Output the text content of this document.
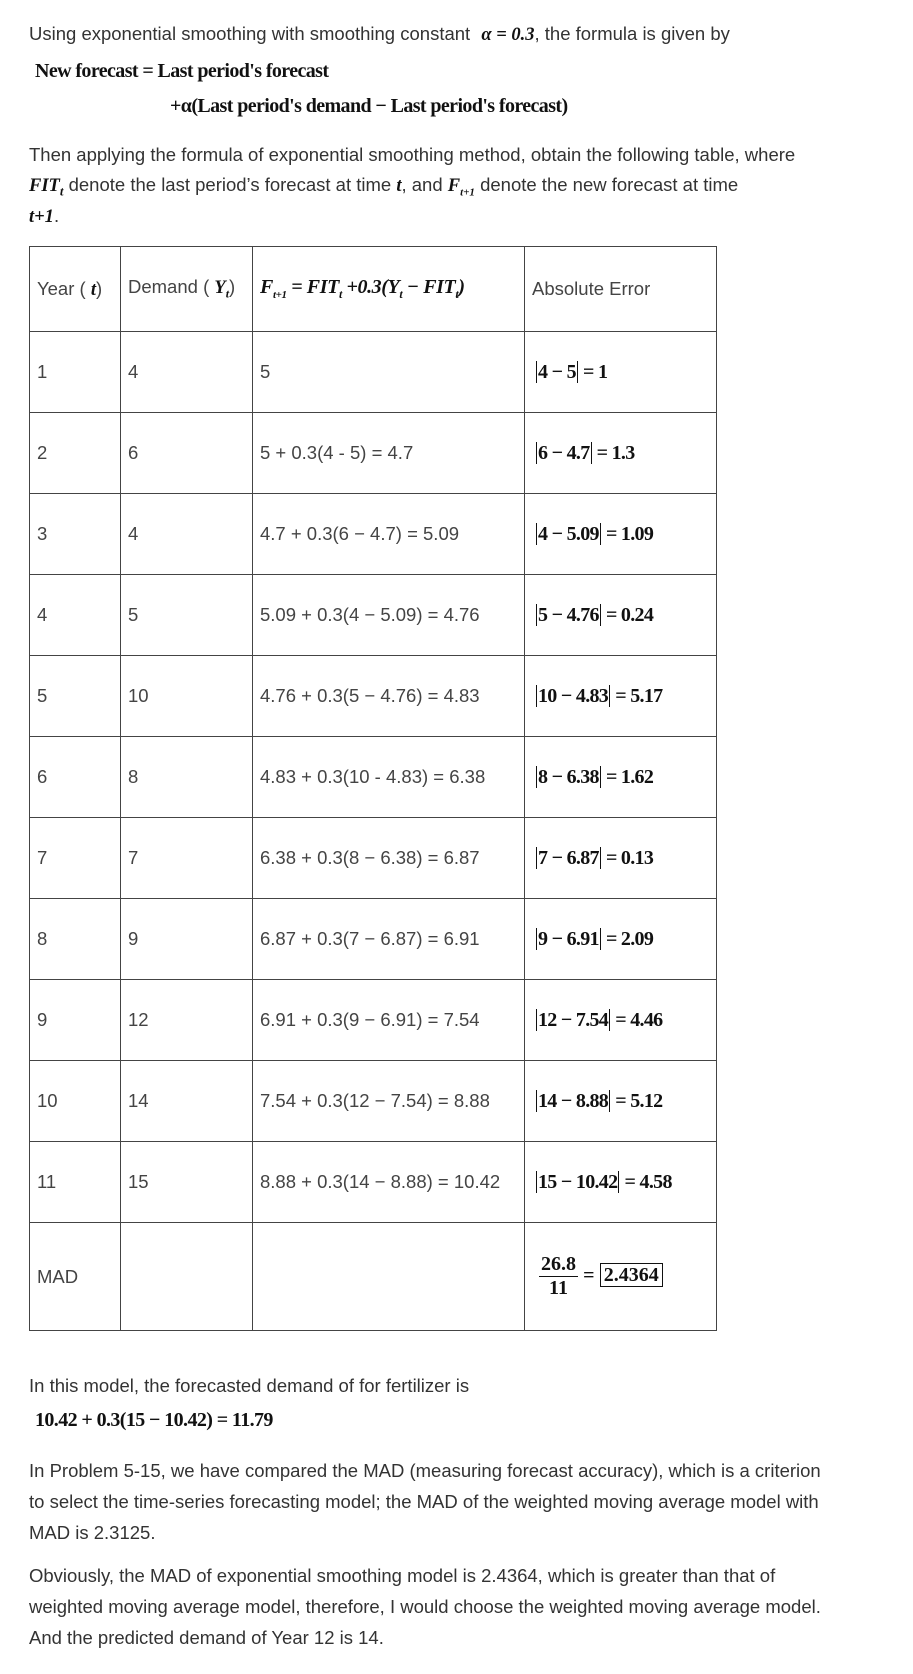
Using exponential smoothing with smoothing constant α = 0.3, the formula is given by
New forecast = Last period's forecast
+α(Last period's demand − Last period's forecast)
Then applying the formula of exponential smoothing method, obtain the following table, where
$FIT_t$ denote the last period’s forecast at time t, and $F_{t+1}$ denote the new forecast at time
t+1.
Year ( t)	Demand ( $Y_t$)	$F_{t+1} = FIT_t +0.3(Y_t - FIT_t)$	Absolute Error
1	4	5	4 − 5 = 1
2	6	5 + 0.3(4 - 5) = 4.7	6 − 4.7 = 1.3
3	4	4.7 + 0.3(6 − 4.7) = 5.09	4 − 5.09 = 1.09
4	5	5.09 + 0.3(4 − 5.09) = 4.76	5 − 4.76 = 0.24
5	10	4.76 + 0.3(5 − 4.76) = 4.83	10 − 4.83 = 5.17
6	8	4.83 + 0.3(10 - 4.83) = 6.38	8 − 6.38 = 1.62
7	7	6.38 + 0.3(8 − 6.38) = 6.87	7 − 6.87 = 0.13
8	9	6.87 + 0.3(7 − 6.87) = 6.91	9 − 6.91 = 2.09
9	12	6.91 + 0.3(9 − 6.91) = 7.54	12 − 7.54 = 4.46
10	14	7.54 + 0.3(12 − 7.54) = 8.88	14 − 8.88 = 5.12
11	15	8.88 + 0.3(14 − 8.88) = 10.42	15 − 10.42 = 4.58
MAD			$\frac{26.8}{11} = 2.4364$
In this model, the forecasted demand of for fertilizer is
10.42 + 0.3(15 − 10.42) = 11.79
In Problem 5-15, we have compared the MAD (measuring forecast accuracy), which is a criterion
to select the time-series forecasting model; the MAD of the weighted moving average model with
MAD is 2.3125.
Obviously, the MAD of exponential smoothing model is 2.4364, which is greater than that of
weighted moving average model, therefore, I would choose the weighted moving average model.
And the predicted demand of Year 12 is 14.
